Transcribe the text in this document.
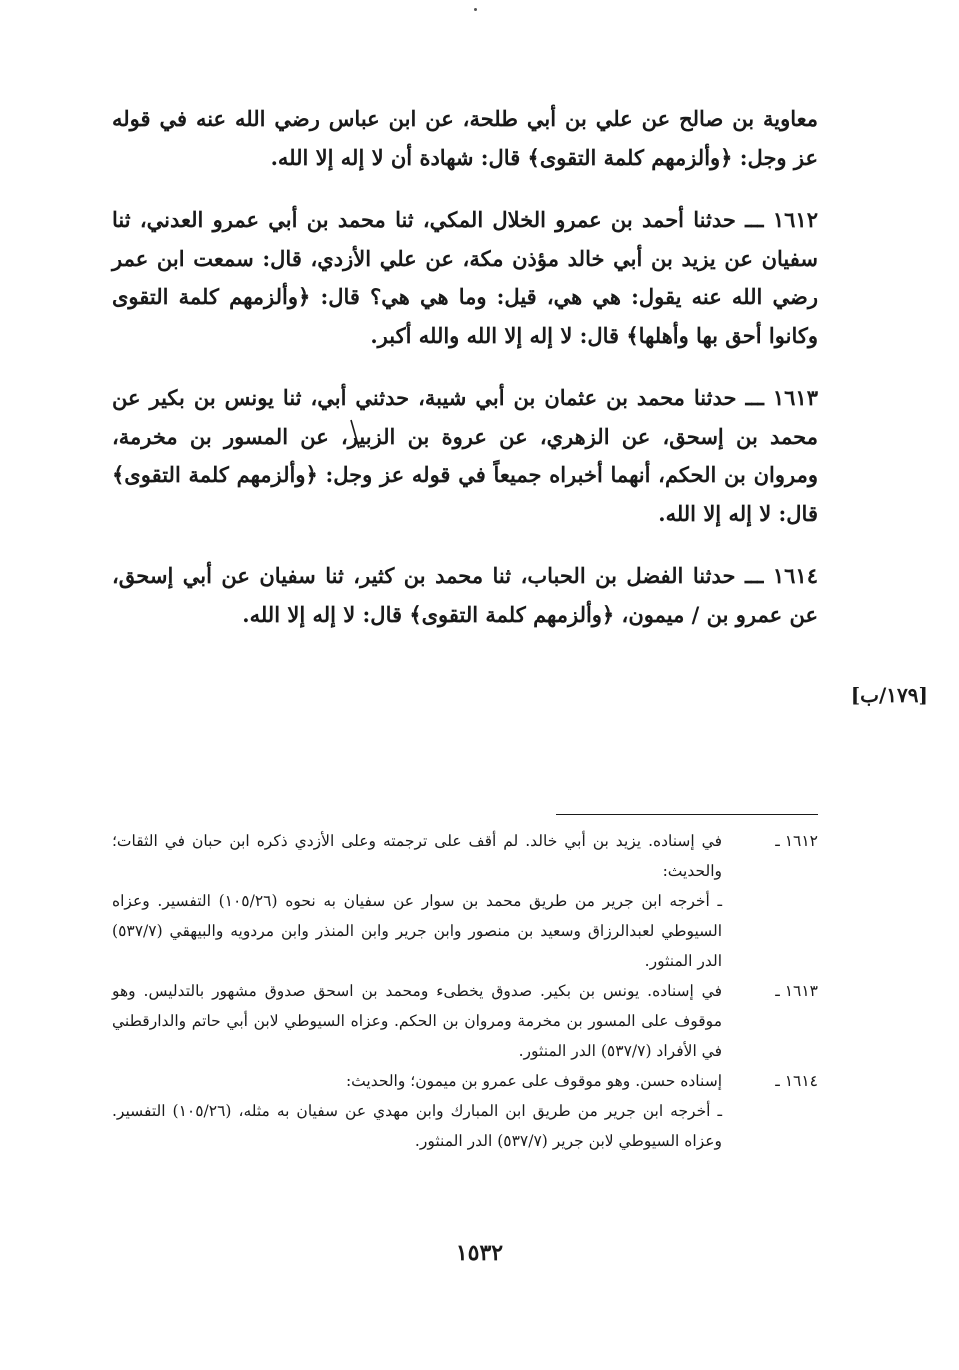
معاوية بن صالح عن علي بن أبي طلحة، عن ابن عباس رضي الله عنه في قوله عز وجل: ﴿وألزمهم كلمة التقوى﴾ قال: شهادة أن لا إله إلا الله.

١٦١٢ ـــ حدثنا أحمد بن عمرو الخلال المكي، ثنا محمد بن أبي عمرو العدني، ثنا سفيان عن يزيد بن أبي خالد مؤذن مكة، عن علي الأزدي، قال: سمعت ابن عمر رضي الله عنه يقول: هي هي، قيل: وما هي هي؟ قال: ﴿وألزمهم كلمة التقوى وكانوا أحق بها وأهلها﴾ قال: لا إله إلا الله والله أكبر.

١٦١٣ ـــ حدثنا محمد بن عثمان بن أبي شيبة، حدثني أبي، ثنا يونس بن بكير عن محمد بن إسحق، عن الزهري، عن عروة بن الزبير، عن المسور بن مخرمة، ومروان بن الحكم، أنهما أخبراه جميعاً في قوله عز وجل: ﴿وألزمهم كلمة التقوى﴾ قال: لا إله إلا الله.

١٦١٤ ـــ حدثنا الفضل بن الحباب، ثنا محمد بن كثير، ثنا سفيان عن أبي إسحق، عن عمرو بن / ميمون، ﴿وألزمهم كلمة التقوى﴾ قال: لا إله إلا الله.

[١٧٩/ب]
١٦١٢ ـ

في إسناده. يزيد بن أبي خالد. لم أقف على ترجمته وعلى الأزدي ذكره ابن حبان في الثقات؛ والحديث:

ـ أخرجه ابن جرير من طريق محمد بن سوار عن سفيان به نحوه (١٠٥/٢٦) التفسير. وعزاه السيوطي لعبدالرزاق وسعيد بن منصور وابن جرير وابن المنذر وابن مردويه والبيهقي (٥٣٧/٧) الدر المنثور.

١٦١٣ ـ

في إسناده. يونس بن بكير. صدوق يخطىء ومحمد بن اسحق صدوق مشهور بالتدليس. وهو موقوف على المسور بن مخرمة ومروان بن الحكم. وعزاه السيوطي لابن أبي حاتم والدارقطني في الأفراد (٥٣٧/٧) الدر المنثور.

١٦١٤ ـ

إسناده حسن. وهو موقوف على عمرو بن ميمون؛ والحديث:

ـ أخرجه ابن جرير من طريق ابن المبارك وابن مهدي عن سفيان به مثله، (١٠٥/٢٦) التفسير. وعزاه السيوطي لابن جرير (٥٣٧/٧) الدر المنثور.

١٥٣٢
